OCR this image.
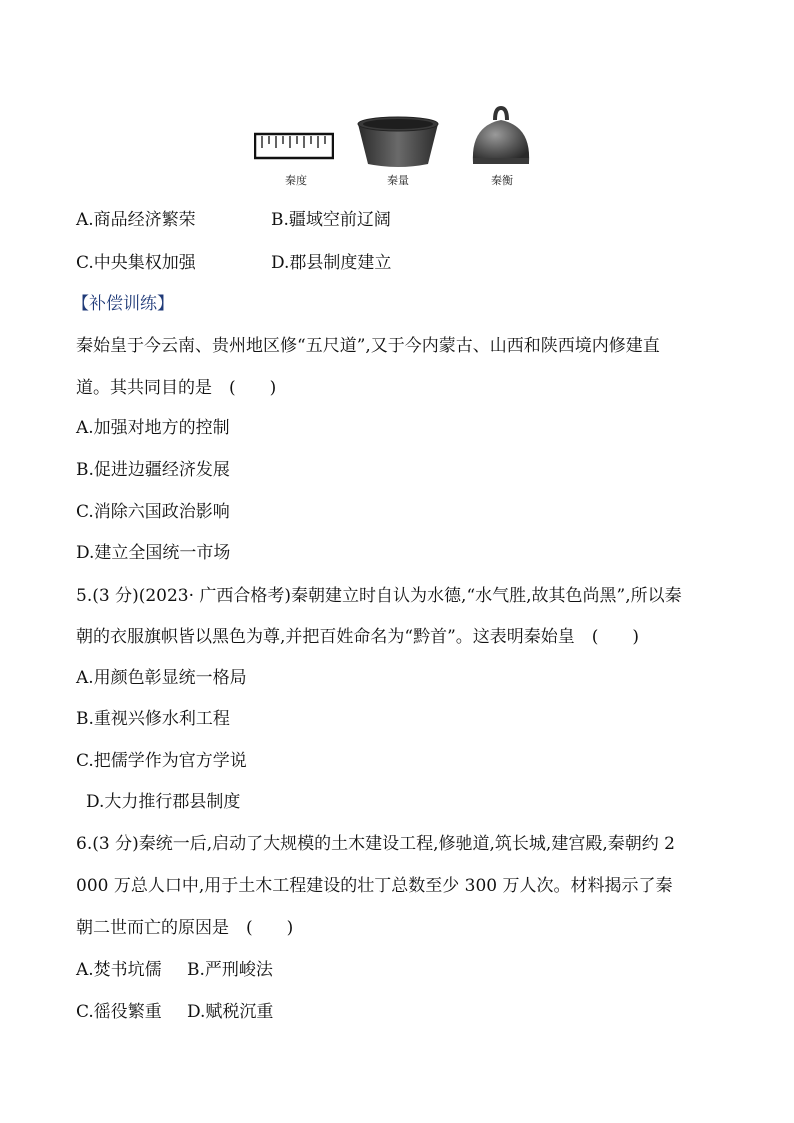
秦度	秦量	秦衡
A.商品经济繁荣	B.疆域空前辽阔
C.中央集权加强	D.郡县制度建立
【补偿训练】
秦始皇于今云南、贵州地区修“五尺道”,又于今内蒙古、山西和陕西境内修建直
道。其共同目的是　(　　)
A.加强对地方的控制
B.促进边疆经济发展
C.消除六国政治影响
D.建立全国统一市场
5.(3 分)(2023· 广西合格考)秦朝建立时自认为水德,“水气胜,故其色尚黑”,所以秦
朝的衣服旗帜皆以黑色为尊,并把百姓命名为“黔首”。这表明秦始皇　(　　)
A.用颜色彰显统一格局
B.重视兴修水利工程
C.把儒学作为官方学说
D.大力推行郡县制度
6.(3 分)秦统一后,启动了大规模的土木建设工程,修驰道,筑长城,建宫殿,秦朝约 2
000 万总人口中,用于土木工程建设的壮丁总数至少 300 万人次。材料揭示了秦
朝二世而亡的原因是　(　　)
A.焚书坑儒 B.严刑峻法
C.徭役繁重 D.赋税沉重
